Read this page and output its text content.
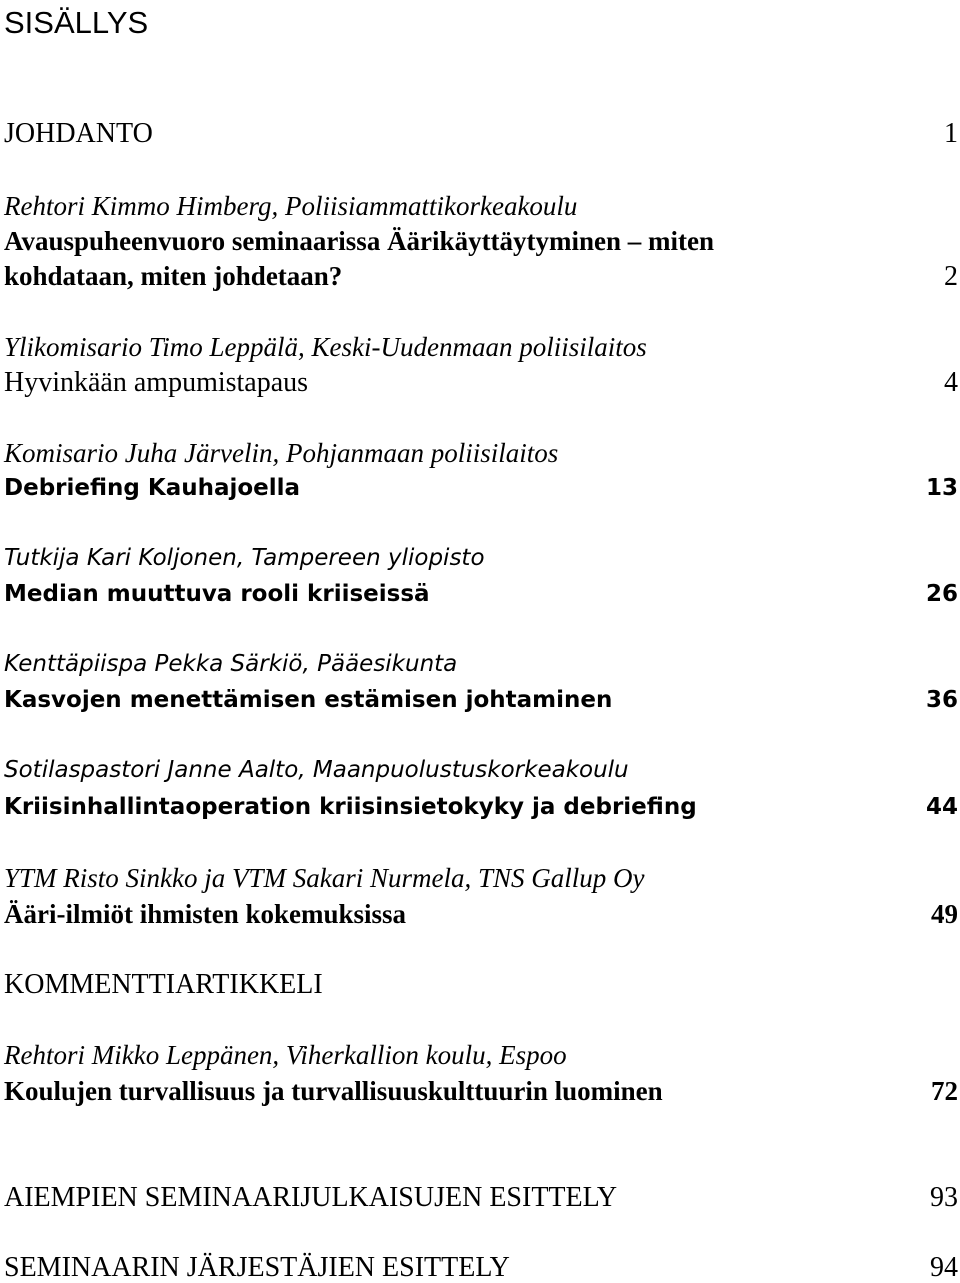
SISÄLLYS
JOHDANTO	1
Rehtori Kimmo Himberg, Poliisiammattikorkeakoulu
Avauspuheenvuoro seminaarissa Äärikäyttäytyminen – miten
kohdataan, miten johdetaan?	2
Ylikomisario Timo Leppälä, Keski-Uudenmaan poliisilaitos
Hyvinkään ampumistapaus	4
Komisario Juha Järvelin, Pohjanmaan poliisilaitos
Debriefing Kauhajoella	13
Tutkija Kari Koljonen, Tampereen yliopisto
Median muuttuva rooli kriiseissä	26
Kenttäpiispa Pekka Särkiö, Pääesikunta
Kasvojen menettämisen estämisen johtaminen	36
Sotilaspastori Janne Aalto, Maanpuolustuskorkeakoulu
Kriisinhallintaoperation kriisinsietokyky ja debriefing	44
YTM Risto Sinkko ja VTM Sakari Nurmela, TNS Gallup Oy
Ääri-ilmiöt ihmisten kokemuksissa	49
KOMMENTTIARTIKKELI
Rehtori Mikko Leppänen, Viherkallion koulu, Espoo
Koulujen turvallisuus ja turvallisuuskulttuurin luominen	72
AIEMPIEN SEMINAARIJULKAISUJEN ESITTELY	93
SEMINAARIN JÄRJESTÄJIEN ESITTELY	94
